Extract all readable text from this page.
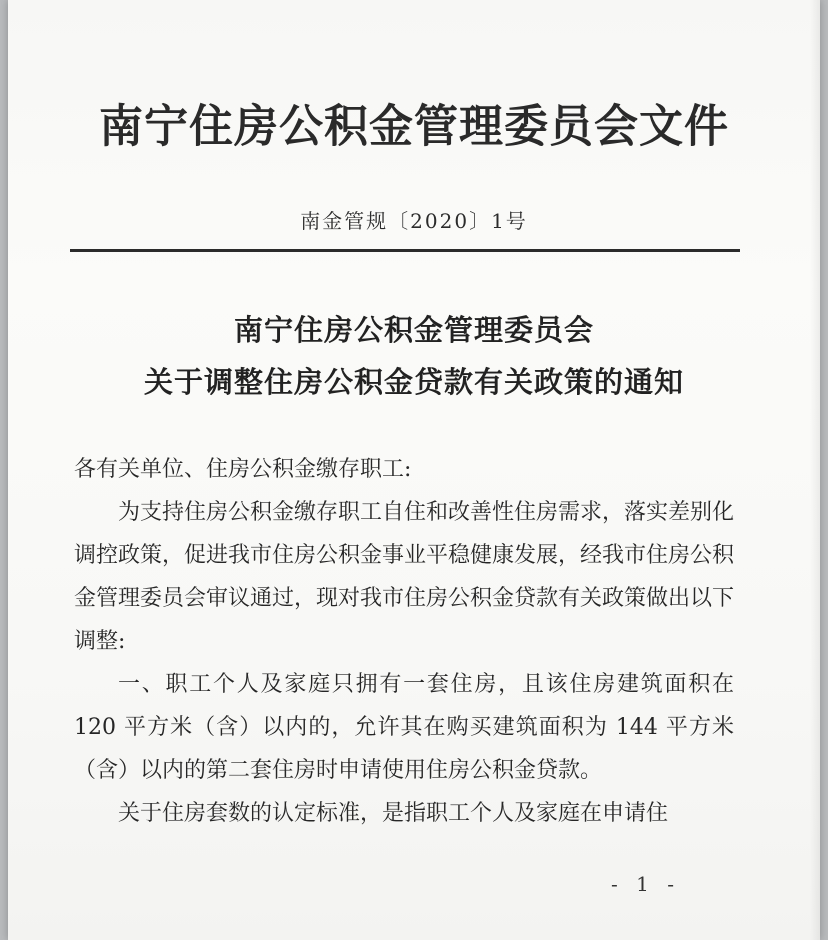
南宁住房公积金管理委员会文件
南金管规〔2020〕1号
南宁住房公积金管理委员会
关于调整住房公积金贷款有关政策的通知

各有关单位、住房公积金缴存职工:

为支持住房公积金缴存职工自住和改善性住房需求，落实差别化调控政策，促进我市住房公积金事业平稳健康发展，经我市住房公积金管理委员会审议通过，现对我市住房公积金贷款有关政策做出以下调整:

一、职工个人及家庭只拥有一套住房，且该住房建筑面积在 120 平方米（含）以内的，允许其在购买建筑面积为 144 平方米（含）以内的第二套住房时申请使用住房公积金贷款。

关于住房套数的认定标准，是指职工个人及家庭在申请住

- 1 -
